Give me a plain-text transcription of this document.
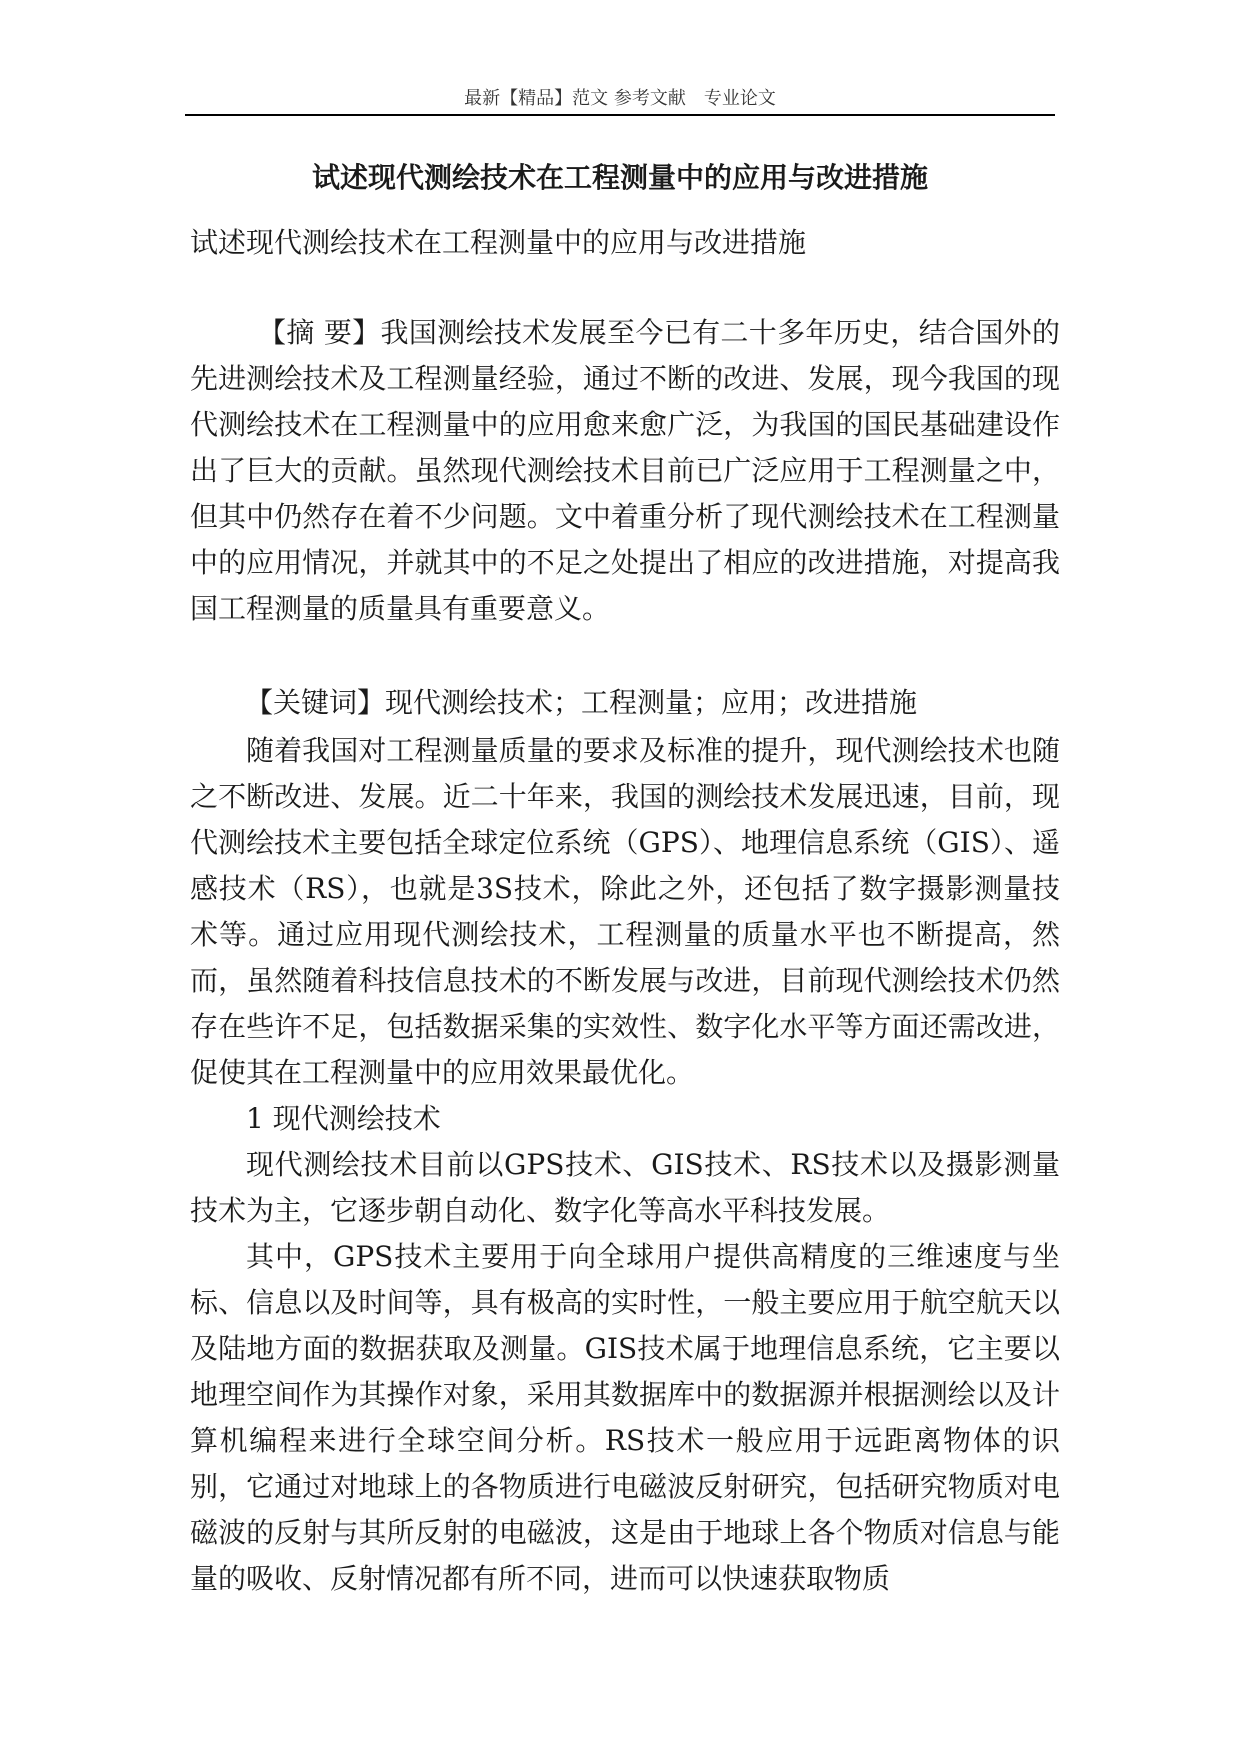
最新【精品】范文 参考文献　专业论文
试述现代测绘技术在工程测量中的应用与改进措施

试述现代测绘技术在工程测量中的应用与改进措施

【摘 要】我国测绘技术发展至今已有二十多年历史，结合国外的先进测绘技术及工程测量经验，通过不断的改进、发展，现今我国的现代测绘技术在工程测量中的应用愈来愈广泛，为我国的国民基础建设作出了巨大的贡献。虽然现代测绘技术目前已广泛应用于工程测量之中，但其中仍然存在着不少问题。文中着重分析了现代测绘技术在工程测量中的应用情况，并就其中的不足之处提出了相应的改进措施，对提高我国工程测量的质量具有重要意义。

【关键词】现代测绘技术；工程测量；应用；改进措施

随着我国对工程测量质量的要求及标准的提升，现代测绘技术也随之不断改进、发展。近二十年来，我国的测绘技术发展迅速，目前，现代测绘技术主要包括全球定位系统（GPS）、地理信息系统（GIS）、遥感技术（RS），也就是3S技术，除此之外，还包括了数字摄影测量技术等。通过应用现代测绘技术，工程测量的质量水平也不断提高，然而，虽然随着科技信息技术的不断发展与改进，目前现代测绘技术仍然存在些许不足，包括数据采集的实效性、数字化水平等方面还需改进，促使其在工程测量中的应用效果最优化。

1 现代测绘技术

现代测绘技术目前以GPS技术、GIS技术、RS技术以及摄影测量技术为主，它逐步朝自动化、数字化等高水平科技发展。

其中，GPS技术主要用于向全球用户提供高精度的三维速度与坐标、信息以及时间等，具有极高的实时性，一般主要应用于航空航天以及陆地方面的数据获取及测量。GIS技术属于地理信息系统，它主要以地理空间作为其操作对象，采用其数据库中的数据源并根据测绘以及计算机编程来进行全球空间分析。RS技术一般应用于远距离物体的识别，它通过对地球上的各物质进行电磁波反射研究，包括研究物质对电磁波的反射与其所反射的电磁波，这是由于地球上各个物质对信息与能量的吸收、反射情况都有所不同，进而可以快速获取物质
